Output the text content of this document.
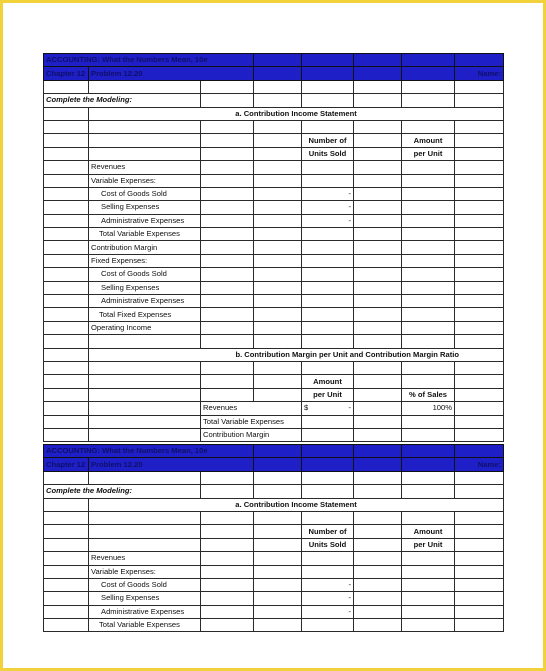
ACCOUNTING: What the Numbers Mean, 10e							
Chapter 12	Problem 12.20						Name:

Complete the Modeling:							
	a. Contribution Income Statement						

				Number of		Amount	
				Units Sold		per Unit	
	Revenues						
	Variable Expenses:						
	Cost of Goods Sold			-			
	Selling Expenses			-			
	Administrative Expenses			-			
	Total Variable Expenses						
	Contribution Margin						
	Fixed Expenses:						
	Cost of Goods Sold						
	Selling Expenses						
	Administrative Expenses						
	Total Fixed Expenses						
	Operating Income						

	b. Contribution Margin per Unit and Contribution Margin Ratio						

				Amount			
				per Unit		% of Sales	
		Revenues		$ -		100%	
		Total Variable Expenses		

		Contribution Margin		

ACCOUNTING: What the Numbers Mean, 10e							
Chapter 12	Problem 12.20						Name:

Complete the Modeling:							
	a. Contribution Income Statement						

				Number of		Amount	
				Units Sold		per Unit	
	Revenues						
	Variable Expenses:						
	Cost of Goods Sold			-			
	Selling Expenses			-			
	Administrative Expenses			-			
	Total Variable Expenses						
